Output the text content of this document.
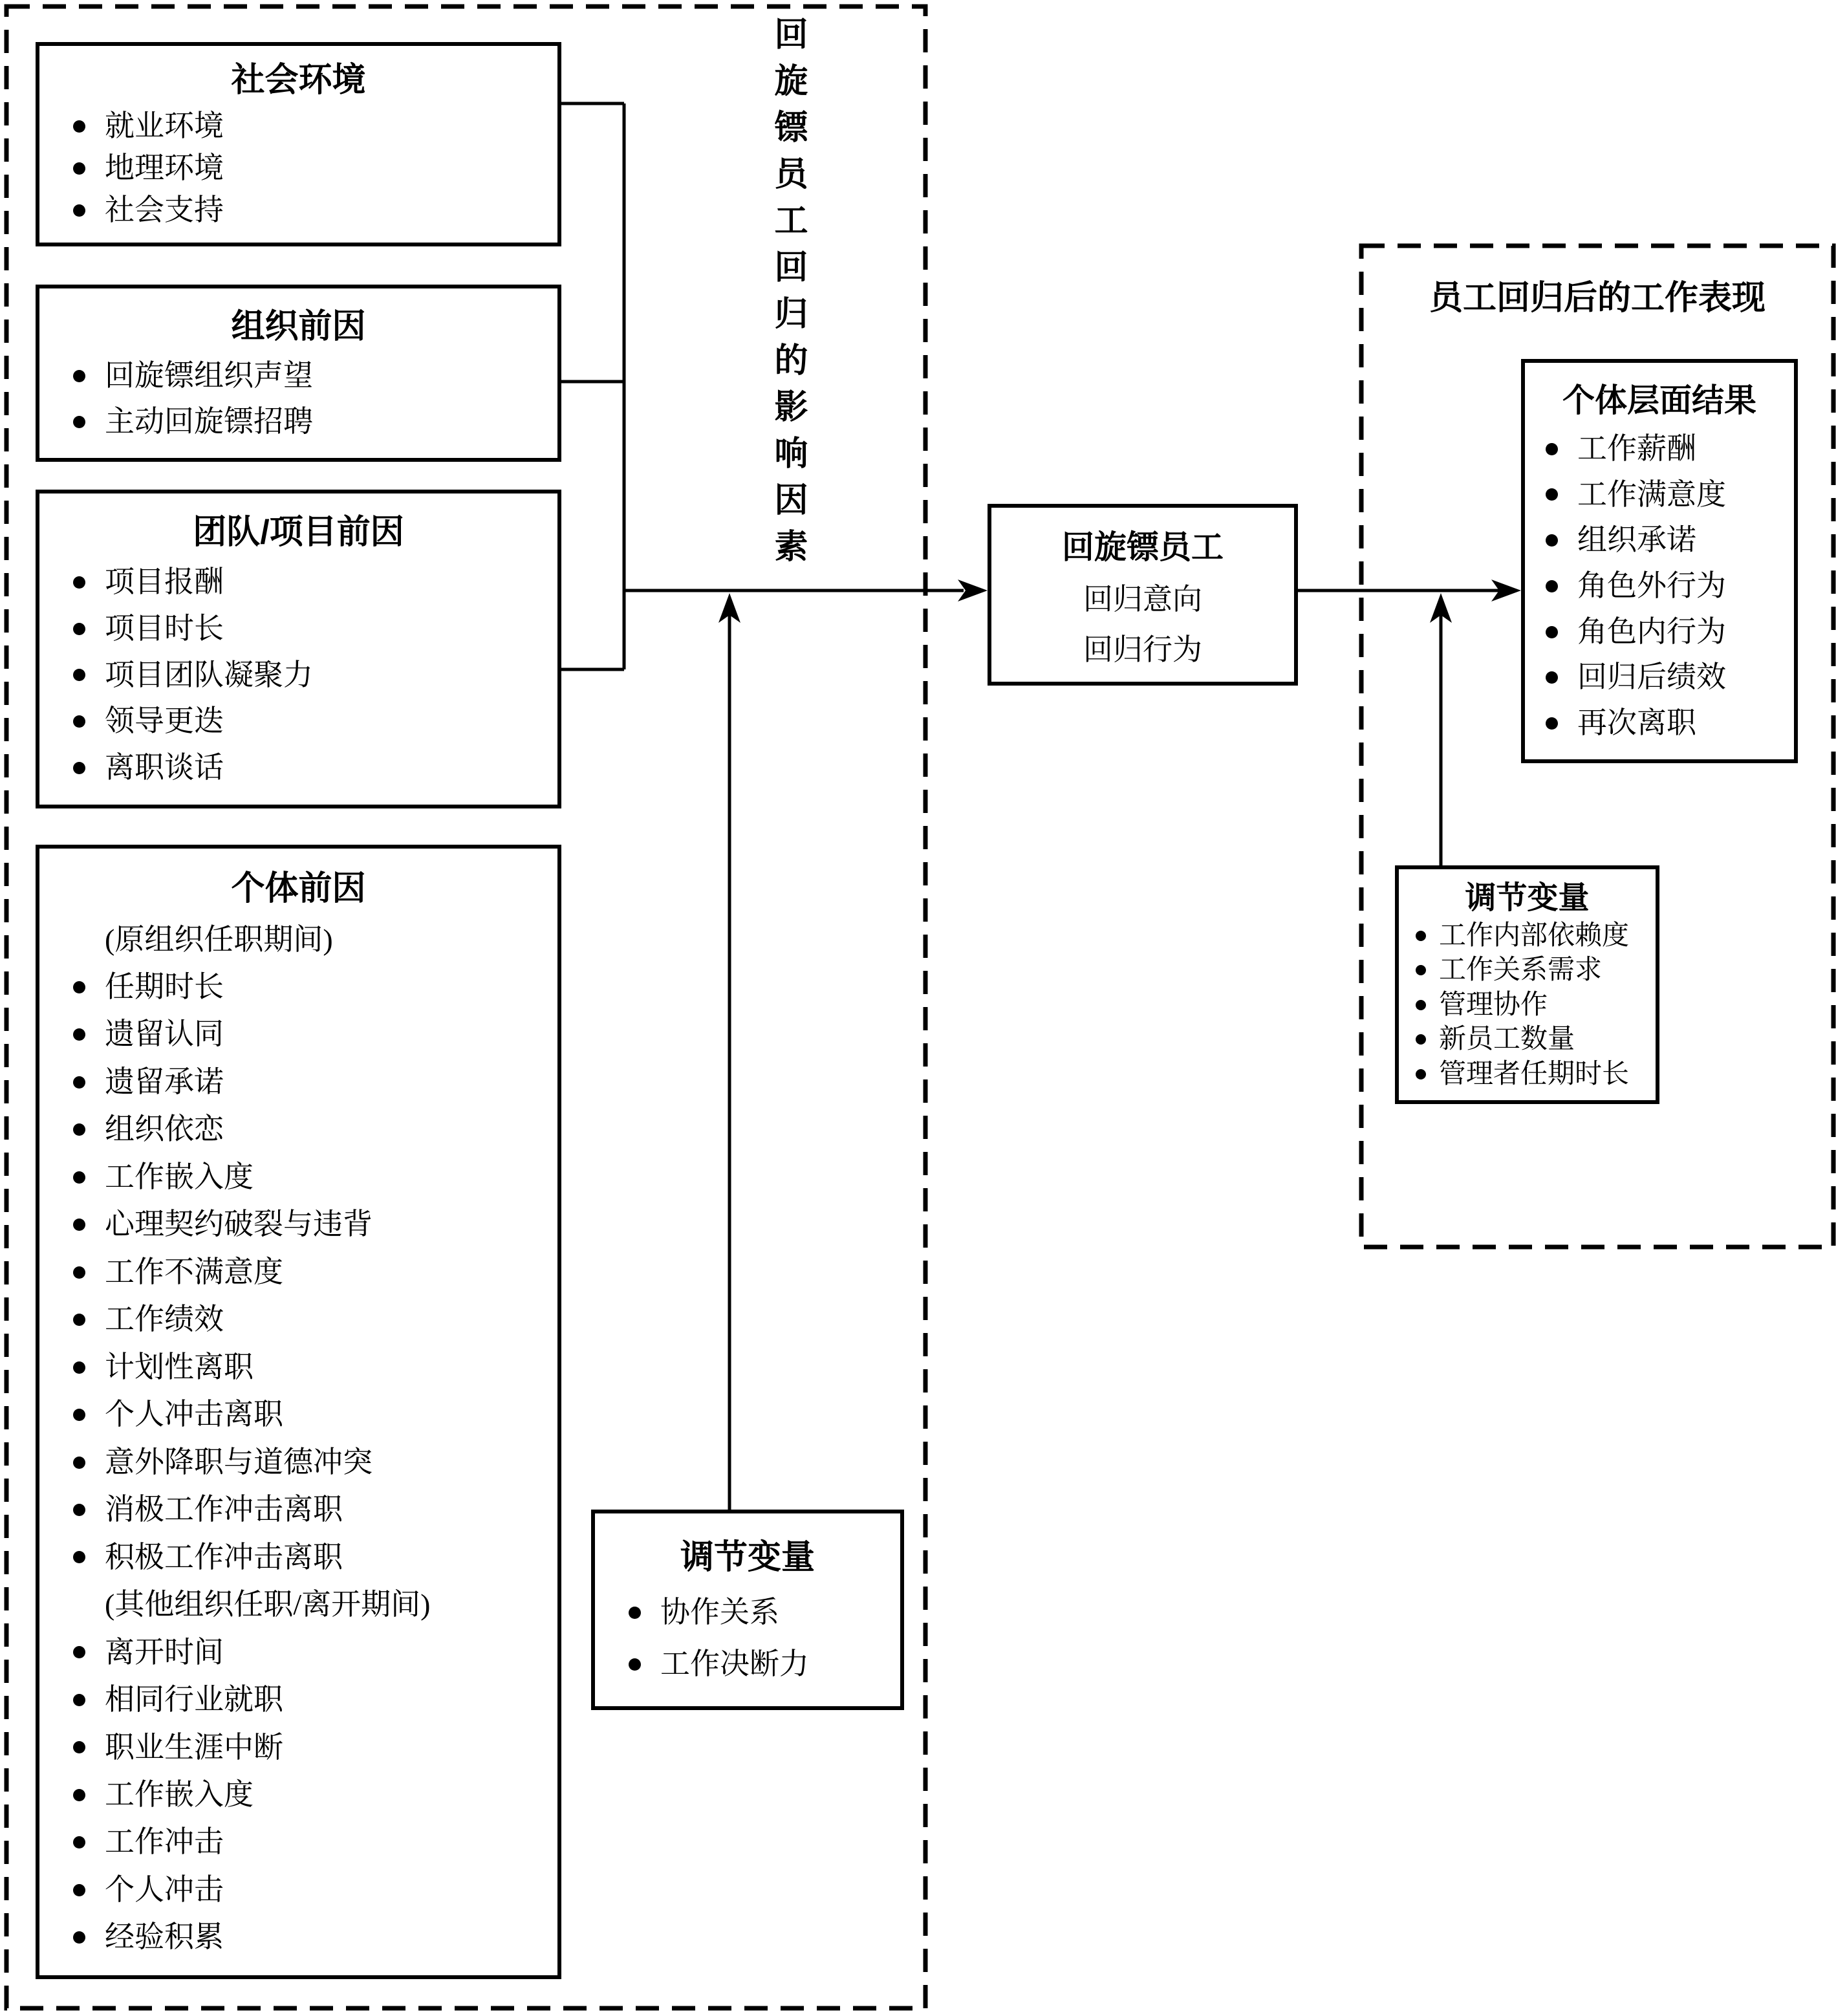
回旋镖员工回归的影响因素
社会环境
就业环境
地理环境
社会支持
组织前因
回旋镖组织声望
主动回旋镖招聘
团队/项目前因
项目报酬
项目时长
项目团队凝聚力
领导更迭
离职谈话
个体前因
(原组织任职期间)
任期时长
遗留认同
遗留承诺
组织依恋
工作嵌入度
心理契约破裂与违背
工作不满意度
工作绩效
计划性离职
个人冲击离职
意外降职与道德冲突
消极工作冲击离职
积极工作冲击离职
(其他组织任职/离开期间)
离开时间
相同行业就职
职业生涯中断
工作嵌入度
工作冲击
个人冲击
经验积累
调节变量
协作关系
工作决断力
回旋镖员工
回归意向
回归行为
员工回归后的工作表现
个体层面结果
工作薪酬
工作满意度
组织承诺
角色外行为
角色内行为
回归后绩效
再次离职
调节变量
工作内部依赖度
工作关系需求
管理协作
新员工数量
管理者任期时长
